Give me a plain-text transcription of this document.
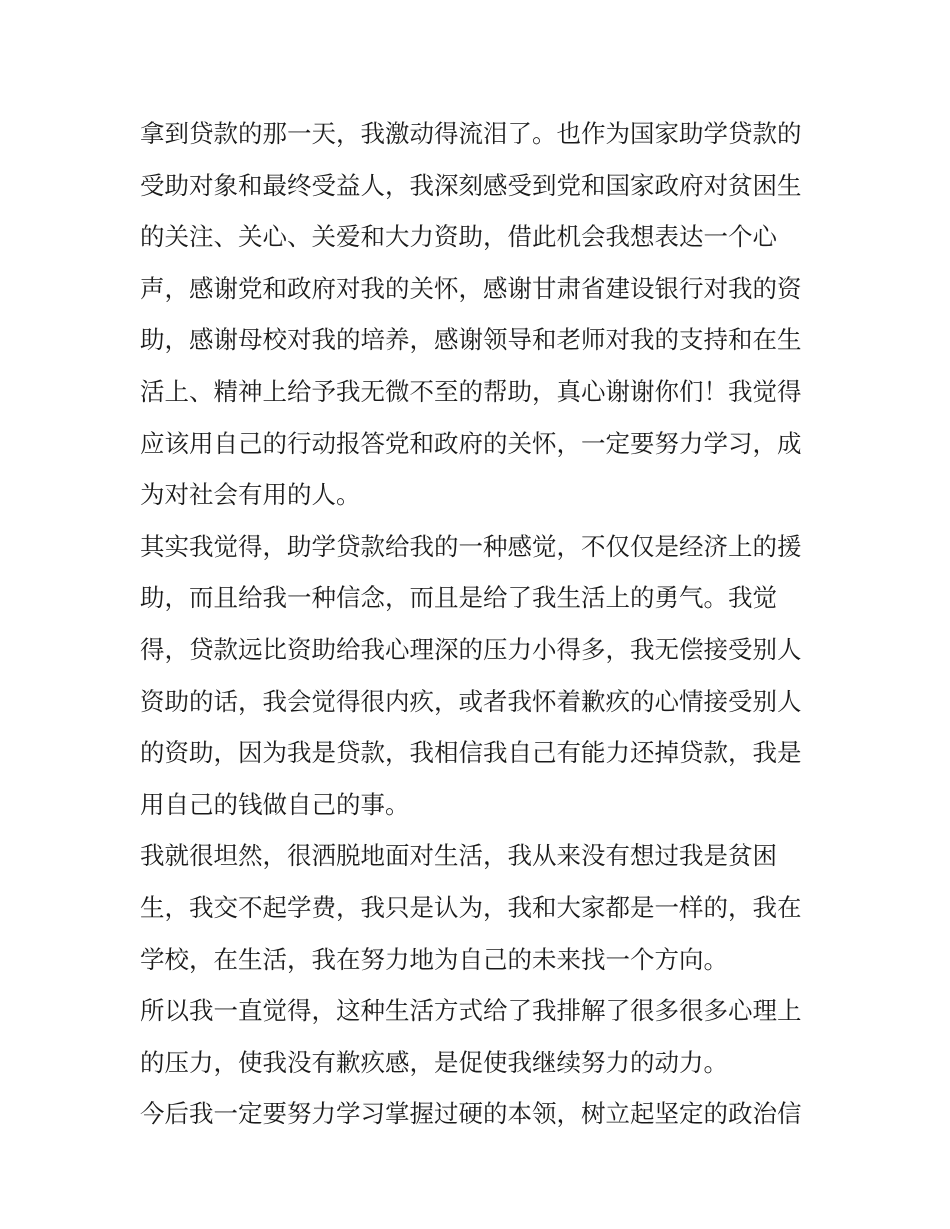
拿到贷款的那一天，我激动得流泪了。也作为国家助学贷款的
受助对象和最终受益人，我深刻感受到党和国家政府对贫困生
的关注、关心、关爱和大力资助，借此机会我想表达一个心
声，感谢党和政府对我的关怀，感谢甘肃省建设银行对我的资
助，感谢母校对我的培养，感谢领导和老师对我的支持和在生
活上、精神上给予我无微不至的帮助，真心谢谢你们！我觉得
应该用自己的行动报答党和政府的关怀，一定要努力学习，成
为对社会有用的人。
其实我觉得，助学贷款给我的一种感觉，不仅仅是经济上的援
助，而且给我一种信念，而且是给了我生活上的勇气。我觉
得，贷款远比资助给我心理深的压力小得多，我无偿接受别人
资助的话，我会觉得很内疚，或者我怀着歉疚的心情接受别人
的资助，因为我是贷款，我相信我自己有能力还掉贷款，我是
用自己的钱做自己的事。
我就很坦然，很洒脱地面对生活，我从来没有想过我是贫困
生，我交不起学费，我只是认为，我和大家都是一样的，我在
学校，在生活，我在努力地为自己的未来找一个方向。
所以我一直觉得，这种生活方式给了我排解了很多很多心理上
的压力，使我没有歉疚感，是促使我继续努力的动力。
今后我一定要努力学习掌握过硬的本领，树立起坚定的政治信
